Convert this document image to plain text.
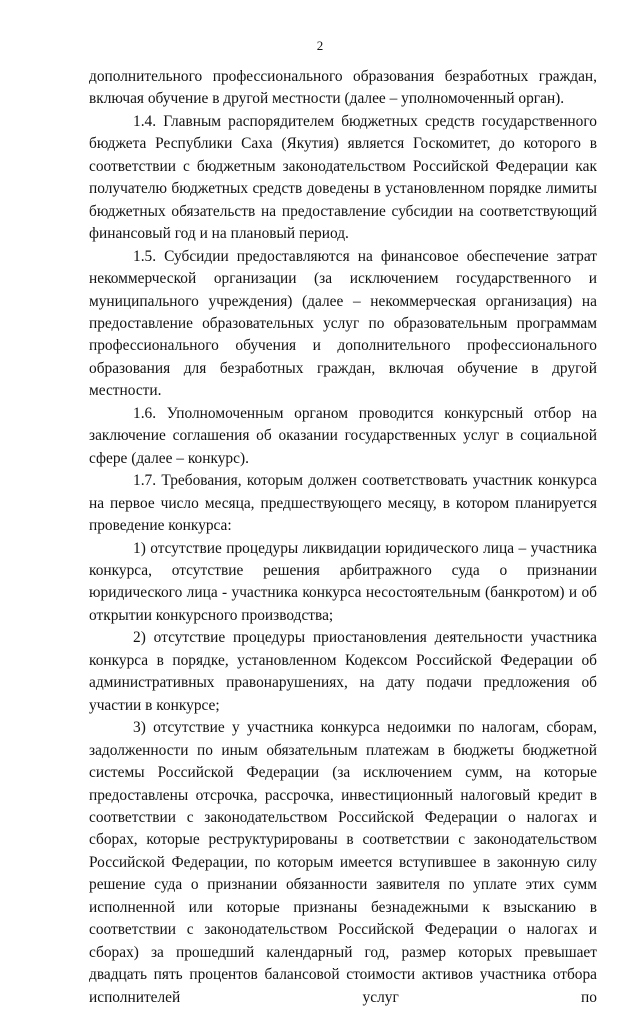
2

дополнительного профессионального образования безработных граждан, включая обучение в другой местности (далее – уполномоченный орган).

1.4. Главным распорядителем бюджетных средств государственного бюджета Республики Саха (Якутия) является Госкомитет, до которого в соответствии с бюджетным законодательством Российской Федерации как получателю бюджетных средств доведены в установленном порядке лимиты бюджетных обязательств на предоставление субсидии на соответствующий финансовый год и на плановый период.

1.5. Субсидии предоставляются на финансовое обеспечение затрат некоммерческой организации (за исключением государственного и муниципального учреждения) (далее – некоммерческая организация) на предоставление образовательных услуг по образовательным программам профессионального обучения и дополнительного профессионального образования для безработных граждан, включая обучение в другой местности.

1.6. Уполномоченным органом проводится конкурсный отбор на заключение соглашения об оказании государственных услуг в социальной сфере (далее – конкурс).

1.7. Требования, которым должен соответствовать участник конкурса на первое число месяца, предшествующего месяцу, в котором планируется проведение конкурса:

1) отсутствие процедуры ликвидации юридического лица – участника конкурса, отсутствие решения арбитражного суда о признании юридического лица - участника конкурса несостоятельным (банкротом) и об открытии конкурсного производства;

2) отсутствие процедуры приостановления деятельности участника конкурса в порядке, установленном Кодексом Российской Федерации об административных правонарушениях, на дату подачи предложения об участии в конкурсе;

3) отсутствие у участника конкурса недоимки по налогам, сборам, задолженности по иным обязательным платежам в бюджеты бюджетной системы Российской Федерации (за исключением сумм, на которые предоставлены отсрочка, рассрочка, инвестиционный налоговый кредит в соответствии с законодательством Российской Федерации о налогах и сборах, которые реструктурированы в соответствии с законодательством Российской Федерации, по которым имеется вступившее в законную силу решение суда о признании обязанности заявителя по уплате этих сумм исполненной или которые признаны безнадежными к взысканию в соответствии с законодательством Российской Федерации о налогах и сборах) за прошедший календарный год, размер которых превышает двадцать пять процентов балансовой стоимости активов участника отбора исполнителей услуг по
